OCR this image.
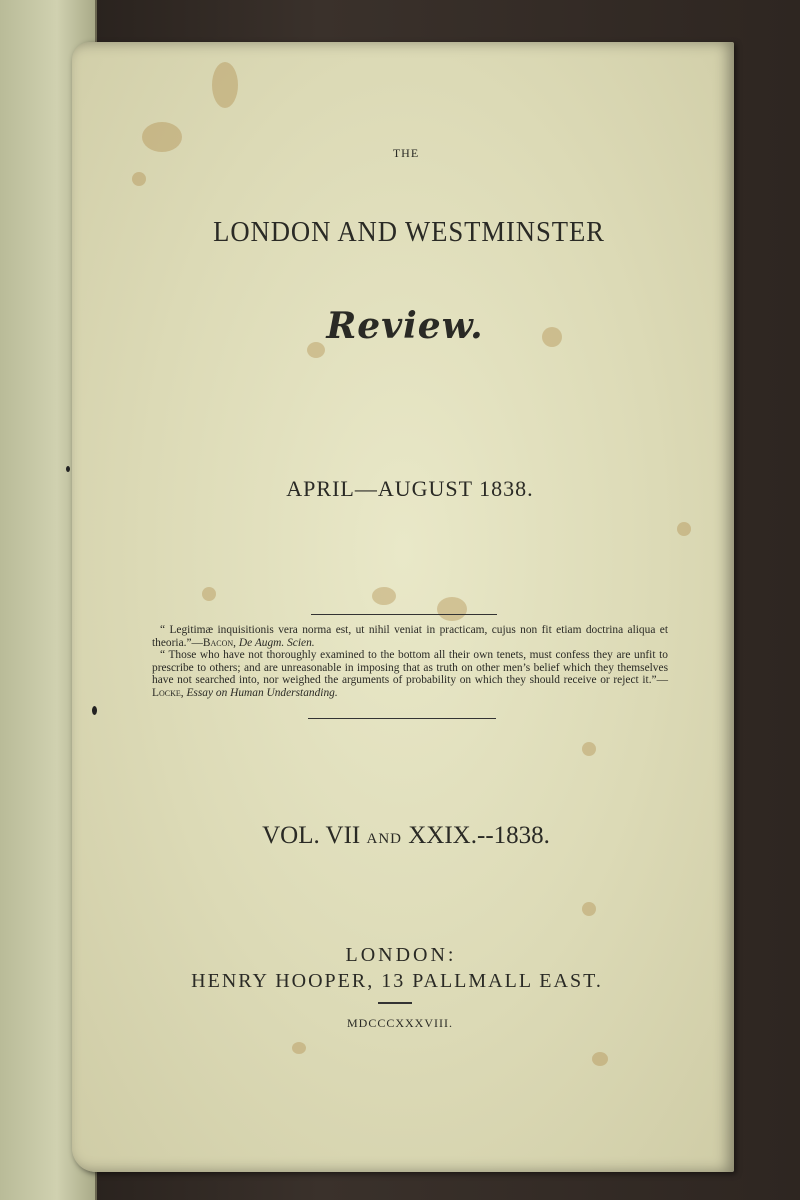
THE
LONDON AND WESTMINSTER
Review.
APRIL—AUGUST 1838.

“ Legitimæ inquisitionis vera norma est, ut nihil veniat in practicam, cujus non fit etiam doctrina aliqua et theoria.”—Bacon, De Augm. Scien.

“ Those who have not thoroughly examined to the bottom all their own tenets, must confess they are unfit to prescribe to others; and are unreasonable in imposing that as truth on other men’s belief which they themselves have not searched into, nor weighed the arguments of probability on which they should receive or reject it.”—Locke, Essay on Human Understanding.

VOL. VII AND XXIX.--1838.
LONDON:
HENRY HOOPER, 13 PALLMALL EAST.
MDCCCXXXVIII.
